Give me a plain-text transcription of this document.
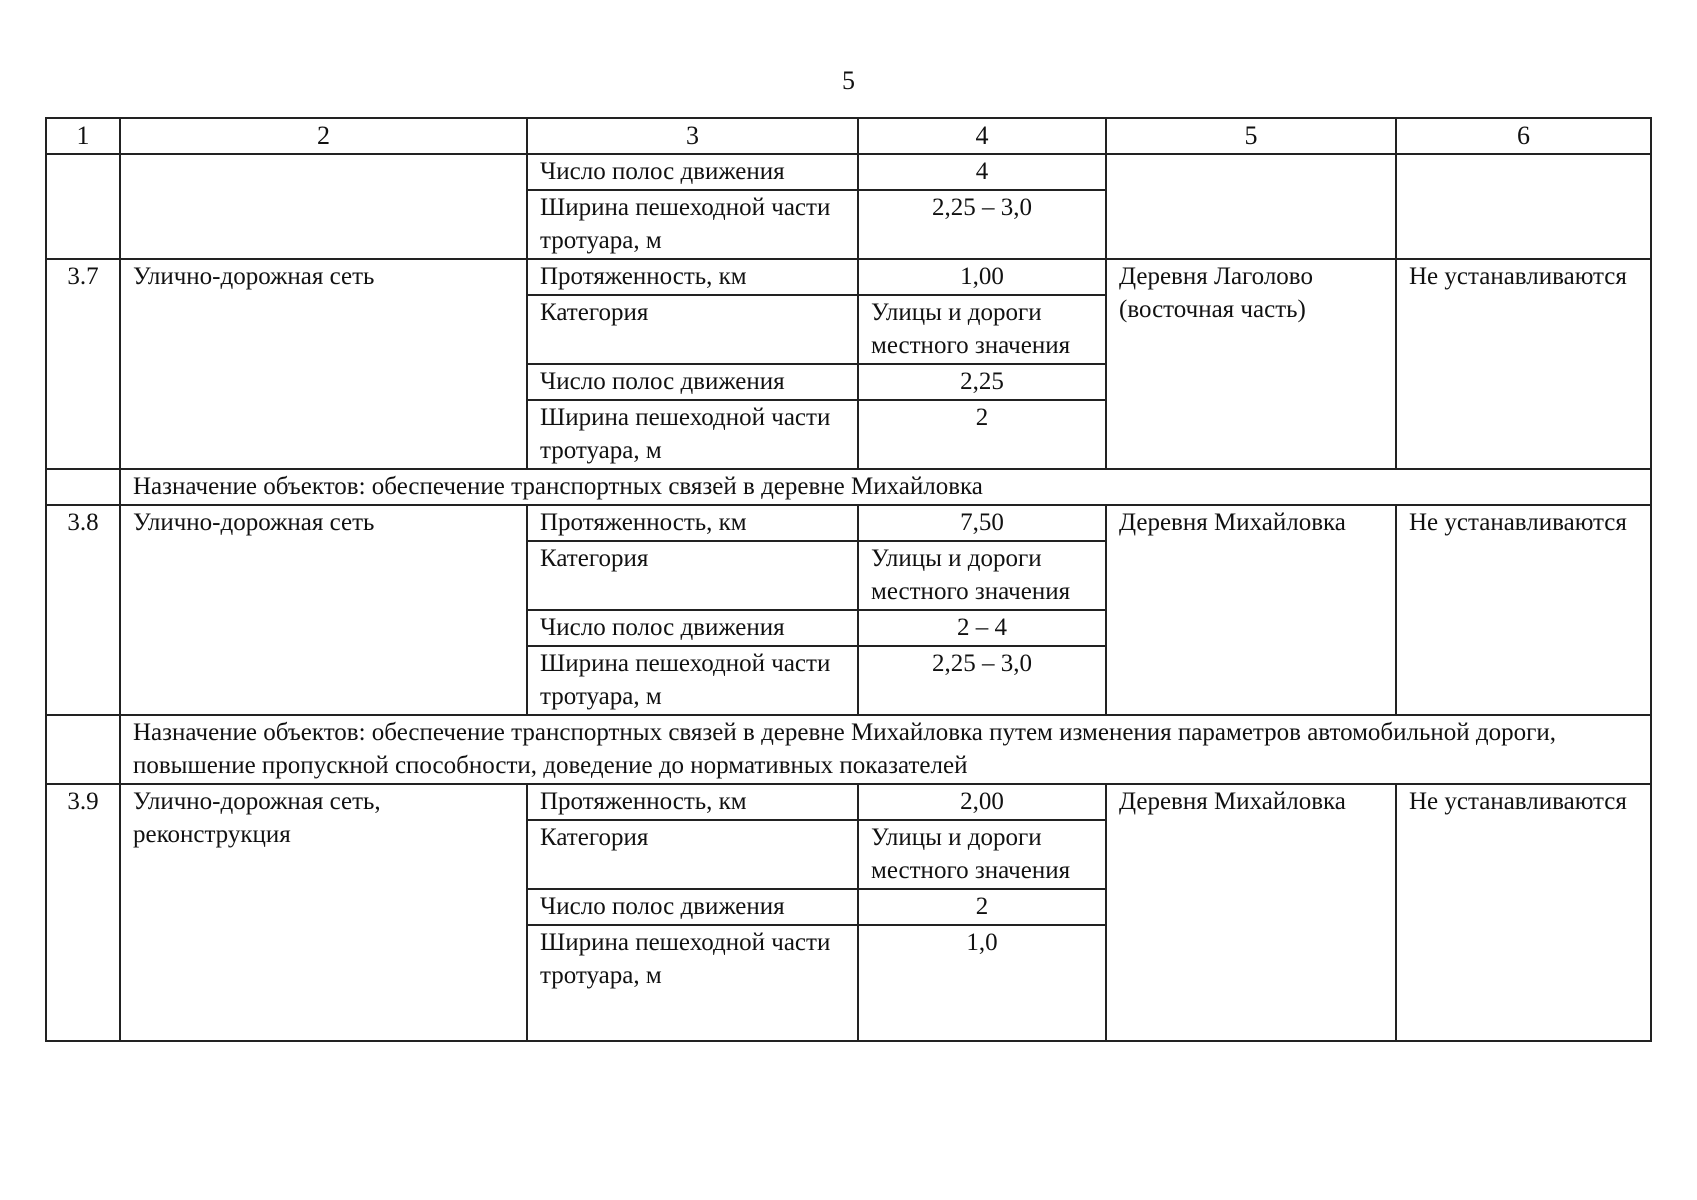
5
1	2	3	4	5	6
		Число полос движения	4		
		Ширина пешеходной части тротуара, м	2,25 – 3,0		
3.7	Улично-дорожная сеть	Протяженность, км	1,00	Деревня Лаголово (восточная часть)	Не устанавливаются
		Категория	Улицы и дороги местного значения		
		Число полос движения	2,25		
		Ширина пешеходной части тротуара, м	2		
	Назначение объектов: обеспечение транспортных связей в деревне Михайловка				
3.8	Улично-дорожная сеть	Протяженность, км	7,50	Деревня Михайловка	Не устанавливаются
		Категория	Улицы и дороги местного значения		
		Число полос движения	2 – 4		
		Ширина пешеходной части тротуара, м	2,25 – 3,0		
	Назначение объектов: обеспечение транспортных связей в деревне Михайловка путем изменения параметров автомобильной дороги, повышение пропускной способности, доведение до нормативных показателей				
3.9	Улично-дорожная сеть, реконструкция	Протяженность, км	2,00	Деревня Михайловка	Не устанавливаются
		Категория	Улицы и дороги местного значения		
		Число полос движения	2		
		Ширина пешеходной части тротуара, м	1,0		
